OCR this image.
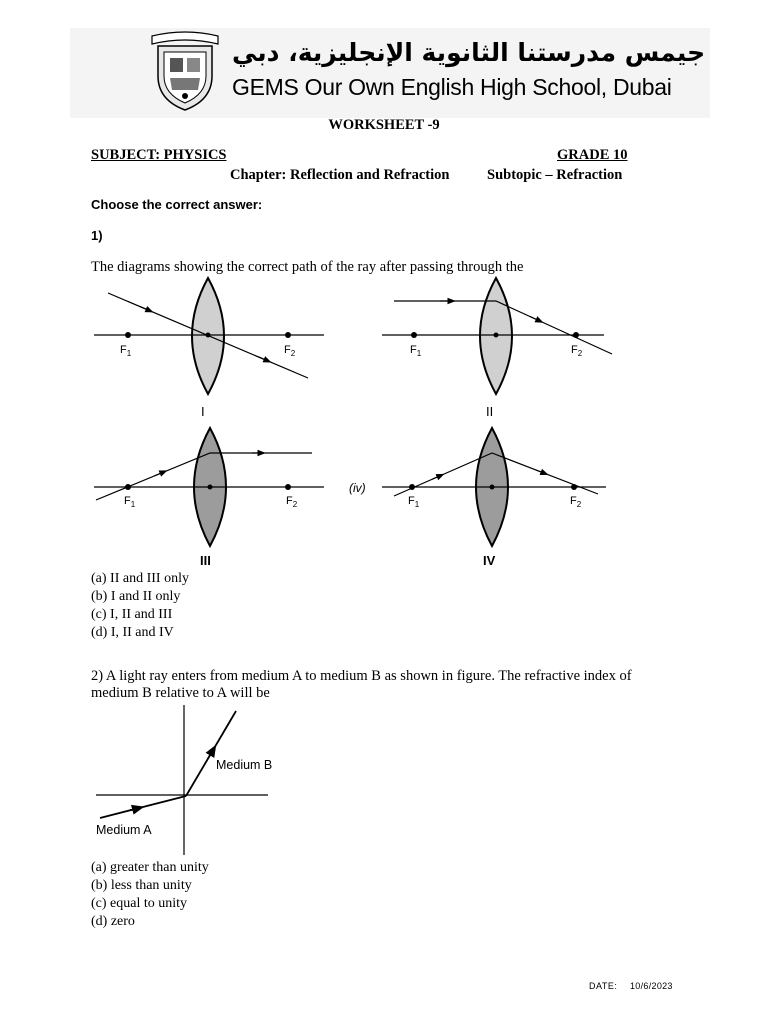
جيمس مدرستنا الثانوية الإنجليزية، دبي
GEMS Our Own English High School, Dubai
WORKSHEET -9
SUBJECT: PHYSICS	GRADE 10
Chapter: Reflection and Refraction	Subtopic – Refraction
Choose the correct answer:
1)
The diagrams showing the correct path of the ray after passing through the
$F_1$	$F_2$
I
$F_1$	$F_2$
II
$F_1$	$F_2$
III
(iv)
$F_1$	$F_2$
IV
(a) II and III only
(b) I and II only
(c) I, II and III
(d) I, II and IV
2) A light ray enters from medium A to medium B as shown in figure. The refractive index of medium B relative to A will be
Medium B
Medium A
(a) greater than unity
(b) less than unity
(c) equal to unity
(d) zero
DATE: 10/6/2023
